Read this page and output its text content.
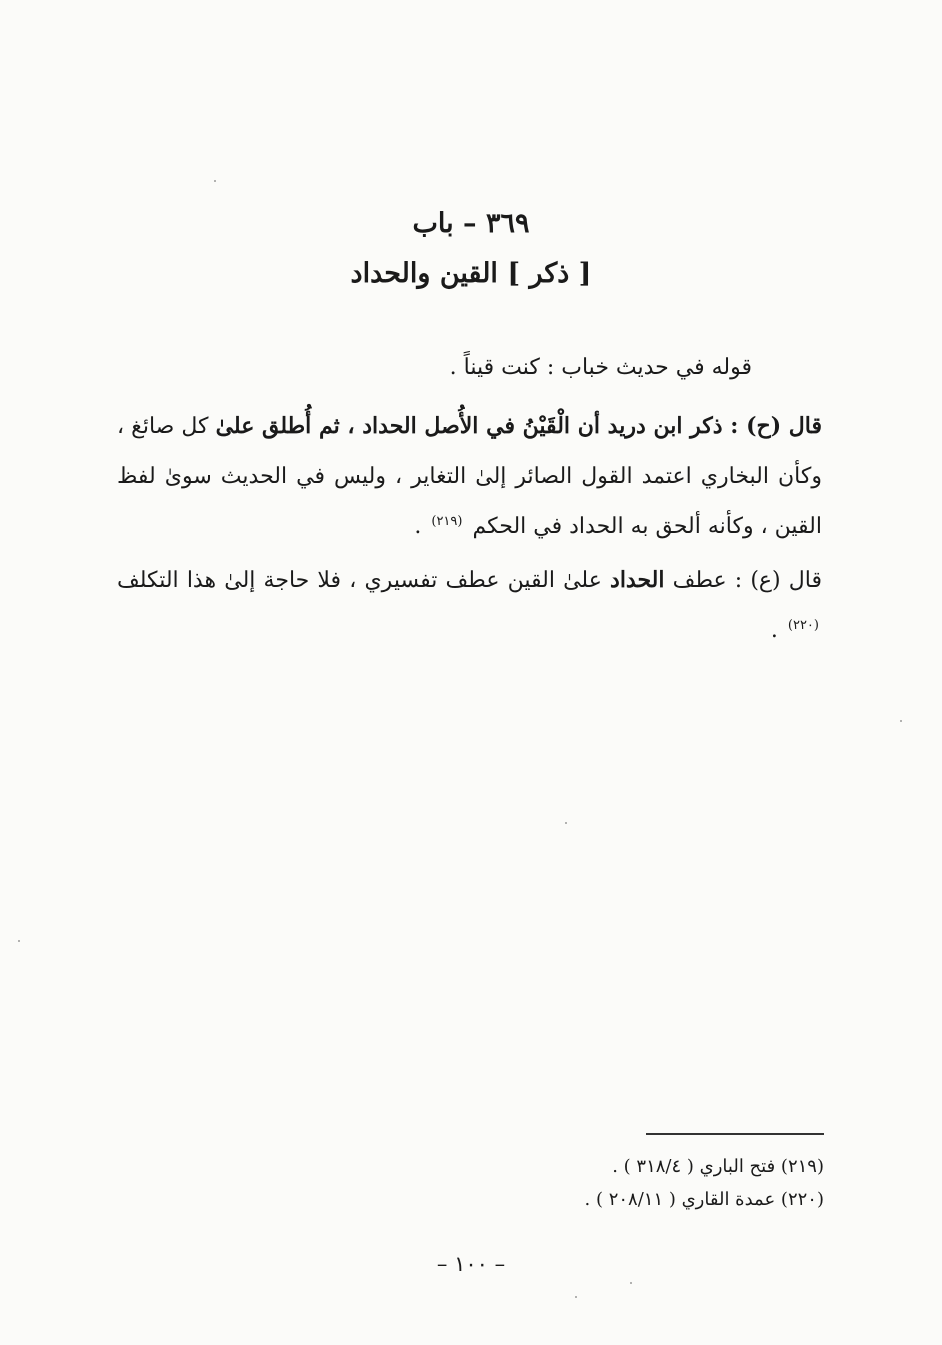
٣٦٩ – باب
[ ذكر ] القين والحداد
قوله في حديث خباب : كنت قيناً .
قال (ح) : ذكر ابن دريد أن الْقَيْنُ في الأُصل الحداد ، ثم أُطلق علىٰ كل صائغ ، وكأن البخاري اعتمد القول الصائر إلىٰ التغاير ، وليس في الحديث سوىٰ لفظ القين ، وكأنه ألحق به الحداد في الحكم $^{(٢١٩)}$ .
قال (ع) : عطف الحداد علىٰ القين عطف تفسيري ، فلا حاجة إلىٰ هذا التكلف $^{(٢٢٠)}$ .
(٢١٩) فتح الباري ( ٣١٨/٤ ) .
(٢٢٠) عمدة القاري ( ٢٠٨/١١ ) .
– ١٠٠ –
